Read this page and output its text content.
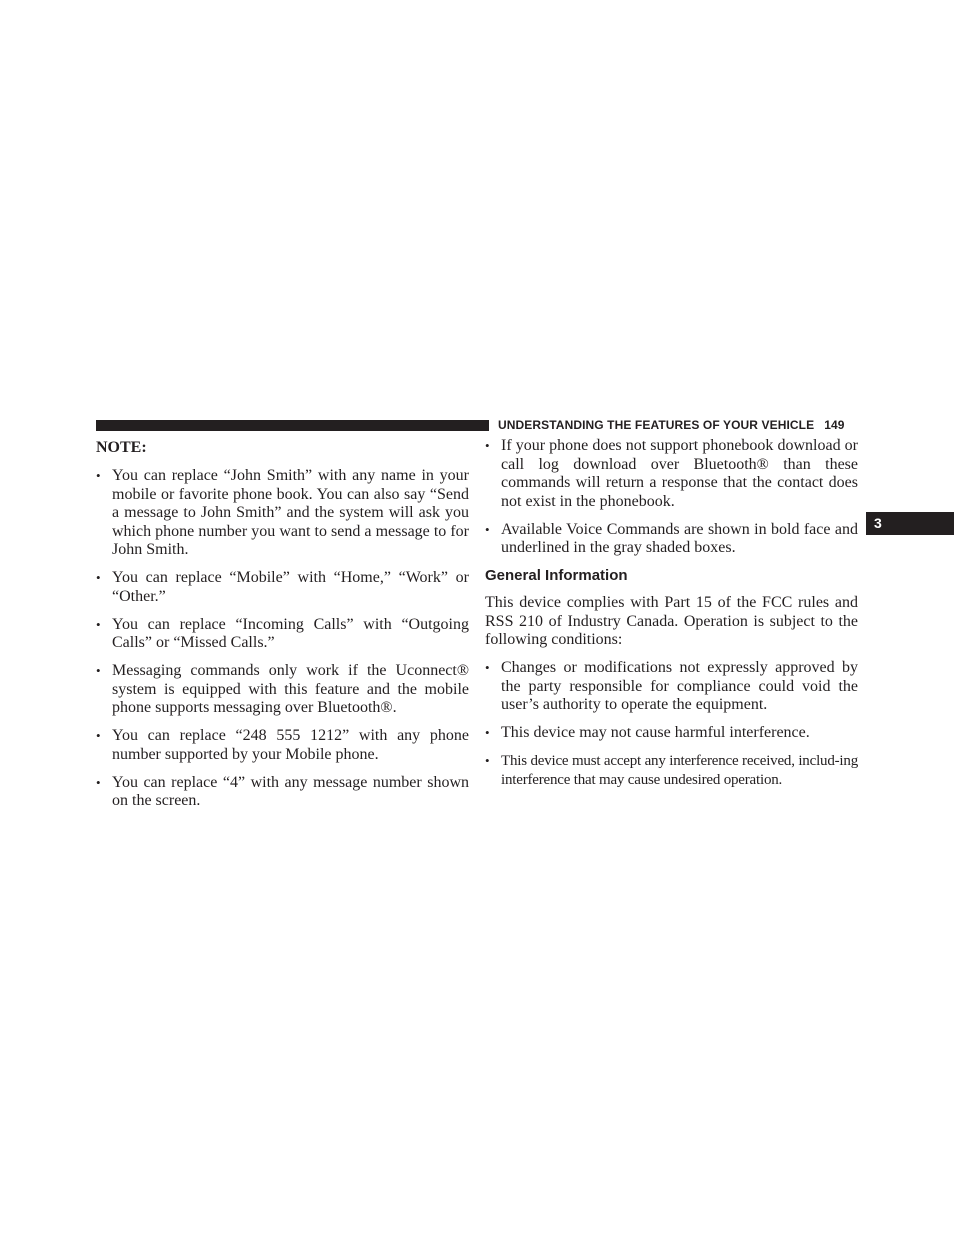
UNDERSTANDING THE FEATURES OF YOUR VEHICLE 149
3
NOTE:
• You can replace “John Smith” with any name in your mobile or favorite phone book. You can also say “Send a message to John Smith” and the system will ask you which phone number you want to send a message to for John Smith.
• You can replace “Mobile” with “Home,” “Work” or “Other.”
• You can replace “Incoming Calls” with “Outgoing Calls” or “Missed Calls.”
• Messaging commands only work if the Uconnect® system is equipped with this feature and the mobile phone supports messaging over Bluetooth®.
• You can replace “248 555 1212” with any phone number supported by your Mobile phone.
• You can replace “4” with any message number shown on the screen.
• If your phone does not support phonebook download or call log download over Bluetooth® than these commands will return a response that the contact does not exist in the phonebook.
• Available Voice Commands are shown in bold face and underlined in the gray shaded boxes.
General Information
This device complies with Part 15 of the FCC rules and RSS 210 of Industry Canada. Operation is subject to the following conditions:
• Changes or modifications not expressly approved by the party responsible for compliance could void the user’s authority to operate the equipment.
• This device may not cause harmful interference.
• This device must accept any interference received, includ-ing interference that may cause undesired operation.
